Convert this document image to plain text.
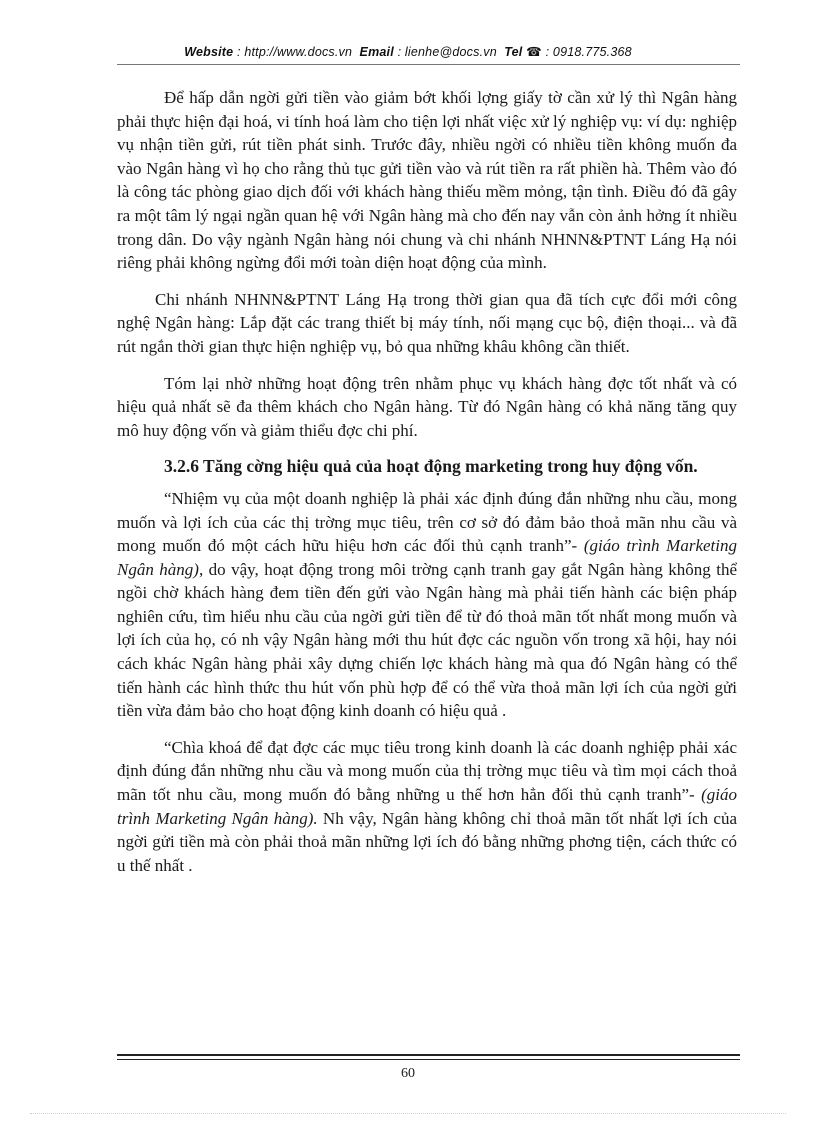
Website : http://www.docs.vn Email : lienhe@docs.vn Tel ☎ : 0918.775.368

Để hấp dẫn ngời gửi tiền vào giảm bớt khối lợng giấy tờ cần xử lý thì Ngân hàng phải thực hiện đại hoá, vi tính hoá làm cho tiện lợi nhất việc xử lý nghiệp vụ: ví dụ: nghiệp vụ nhận tiền gửi, rút tiền phát sinh. Trước đây, nhiều ngời có nhiều tiền không muốn đa vào Ngân hàng vì họ cho rằng thủ tục gửi tiền vào và rút tiền ra rất phiền hà. Thêm vào đó là công tác phòng giao dịch đối với khách hàng thiếu mềm mỏng, tận tình. Điều đó đã gây ra một tâm lý ngại ngần quan hệ với Ngân hàng mà cho đến nay vẫn còn ảnh hởng ít nhiều trong dân. Do vậy ngành Ngân hàng nói chung và chi nhánh NHNN&PTNT Láng Hạ nói riêng phải không ngừng đổi mới toàn diện hoạt động của mình.

Chi nhánh NHNN&PTNT Láng Hạ trong thời gian qua đã tích cực đổi mới công nghệ Ngân hàng: Lắp đặt các trang thiết bị máy tính, nối mạng cục bộ, điện thoại... và đã rút ngắn thời gian thực hiện nghiệp vụ, bỏ qua những khâu không cần thiết.

Tóm lại nhờ những hoạt động trên nhằm phục vụ khách hàng đợc tốt nhất và có hiệu quả nhất sẽ đa thêm khách cho Ngân hàng. Từ đó Ngân hàng có khả năng tăng quy mô huy động vốn và giảm thiểu đợc chi phí.

3.2.6 Tăng cờng hiệu quả của hoạt động marketing trong huy động vốn.

“Nhiệm vụ của một doanh nghiệp là phải xác định đúng đắn những nhu cầu, mong muốn và lợi ích của các thị trờng mục tiêu, trên cơ sở đó đảm bảo thoả mãn nhu cầu và mong muốn đó một cách hữu hiệu hơn các đối thủ cạnh tranh”- (giáo trình Marketing Ngân hàng), do vậy, hoạt động trong môi trờng cạnh tranh gay gắt Ngân hàng không thể ngồi chờ khách hàng đem tiền đến gửi vào Ngân hàng mà phải tiến hành các biện pháp nghiên cứu, tìm hiểu nhu cầu của ngời gửi tiền để từ đó thoả mãn tốt nhất mong muốn và lợi ích của họ, có nh vậy Ngân hàng mới thu hút đợc các nguồn vốn trong xã hội, hay nói cách khác Ngân hàng phải xây dựng chiến lợc khách hàng mà qua đó Ngân hàng có thể tiến hành các hình thức thu hút vốn phù hợp để có thể vừa thoả mãn lợi ích của ngời gửi tiền vừa đảm bảo cho hoạt động kinh doanh có hiệu quả .

“Chìa khoá để đạt đợc các mục tiêu trong kinh doanh là các doanh nghiệp phải xác định đúng đắn những nhu cầu và mong muốn của thị trờng mục tiêu và tìm mọi cách thoả mãn tốt nhu cầu, mong muốn đó bằng những u thế hơn hẳn đối thủ cạnh tranh”- (giáo trình Marketing Ngân hàng). Nh vậy, Ngân hàng không chỉ thoả mãn tốt nhất lợi ích của ngời gửi tiền mà còn phải thoả mãn những lợi ích đó bằng những phơng tiện, cách thức có u thế nhất .

60
